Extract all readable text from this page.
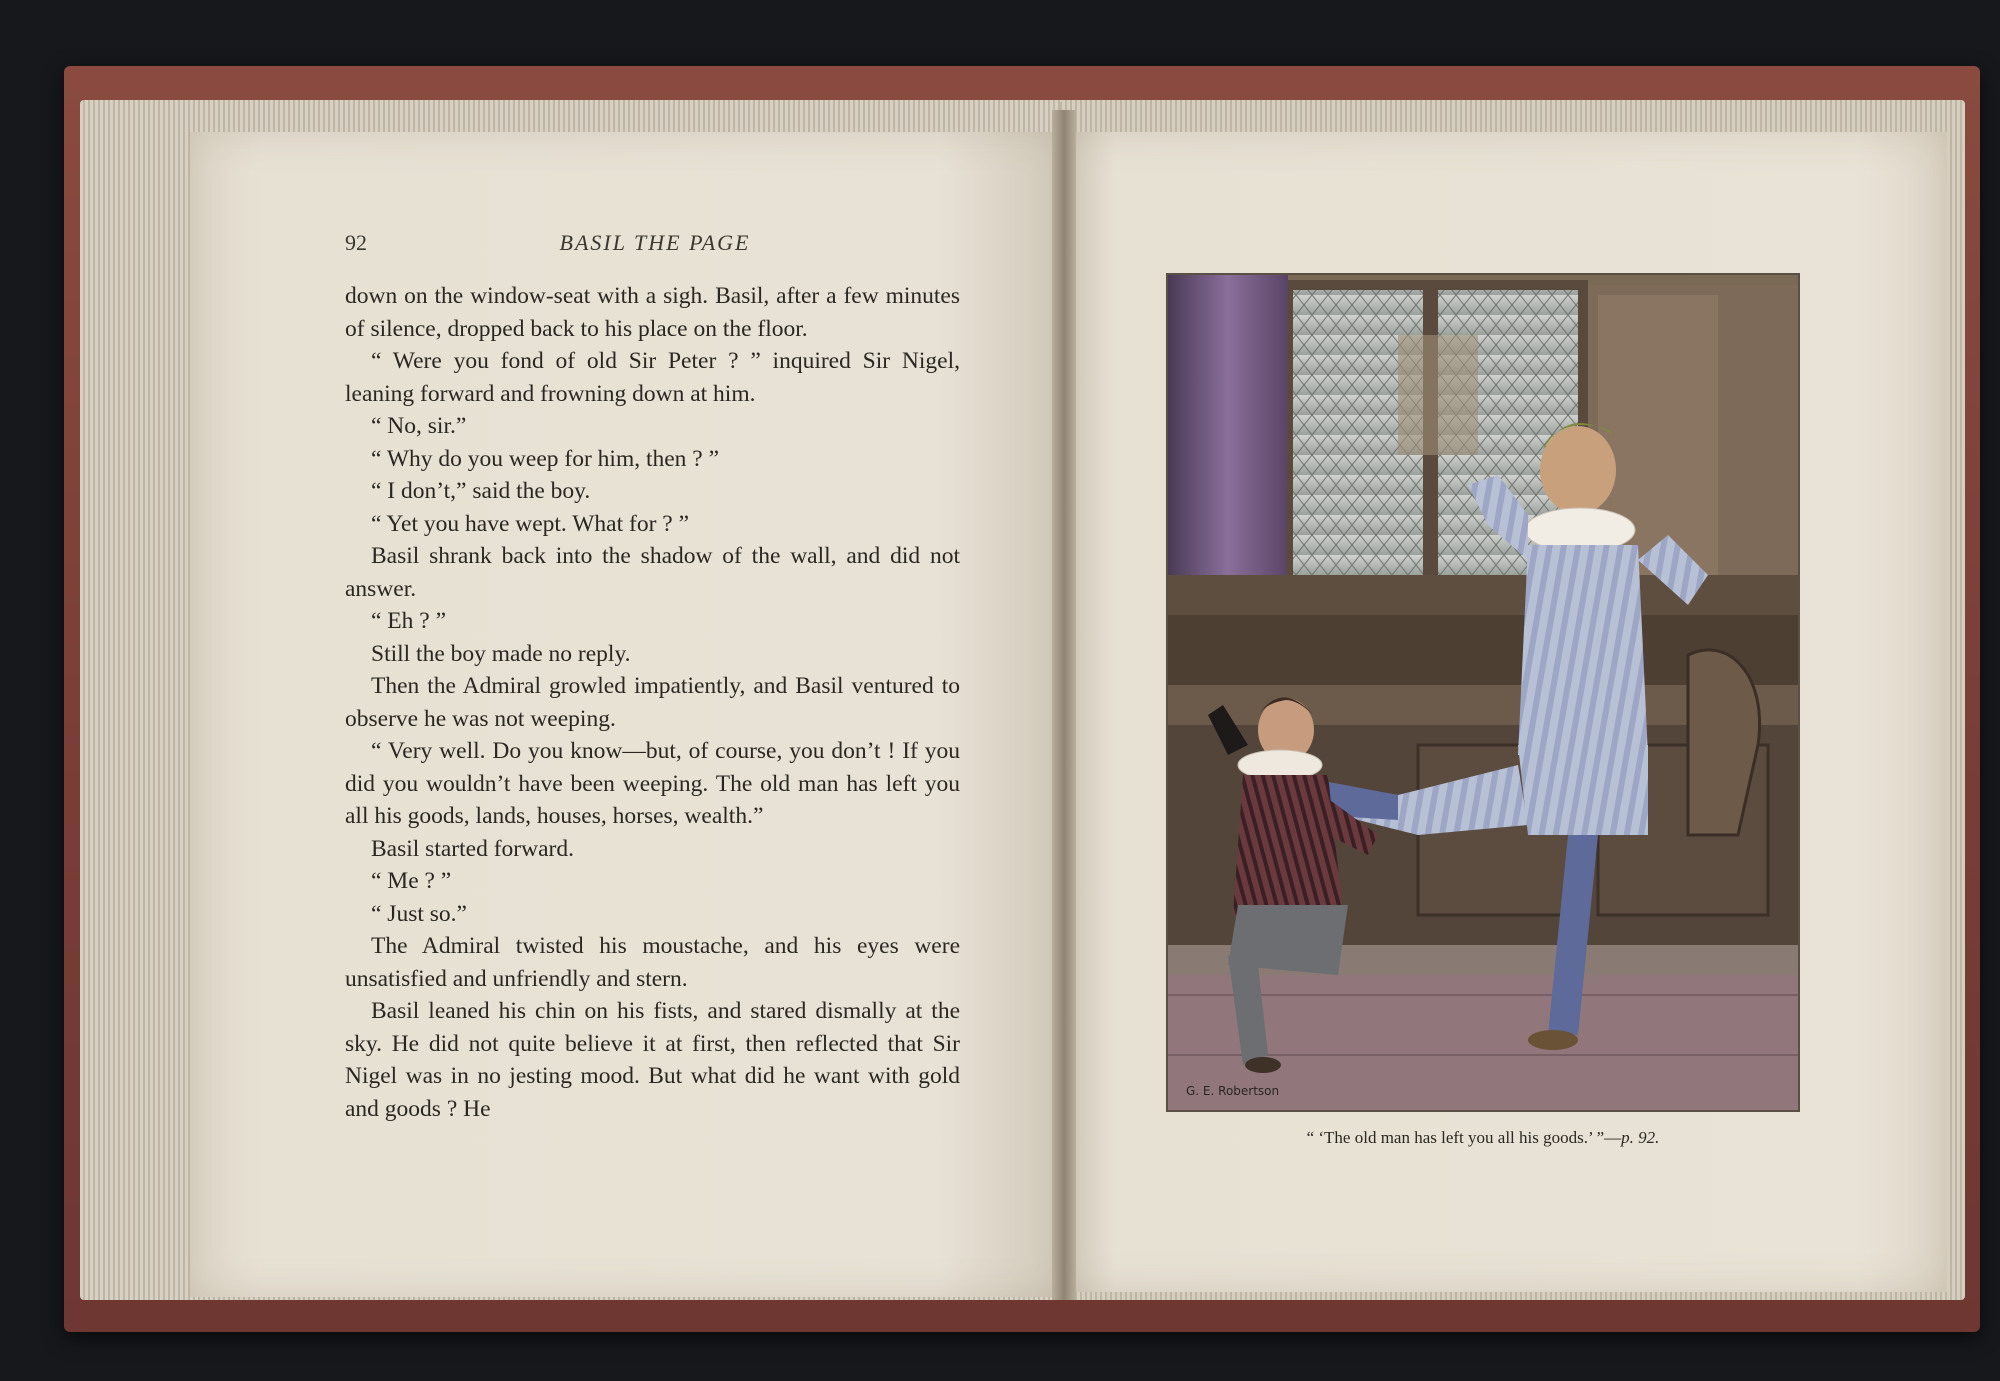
92	BASIL THE PAGE

down on the window-seat with a sigh. Basil, after a few minutes of silence, dropped back to his place on the floor.

“ Were you fond of old Sir Peter ? ” inquired Sir Nigel, leaning forward and frowning down at him.

“ No, sir.”

“ Why do you weep for him, then ? ”

“ I don’t,” said the boy.

“ Yet you have wept. What for ? ”

Basil shrank back into the shadow of the wall, and did not answer.

“ Eh ? ”

Still the boy made no reply.

Then the Admiral growled impatiently, and Basil ventured to observe he was not weeping.

“ Very well. Do you know—but, of course, you don’t ! If you did you wouldn’t have been weeping. The old man has left you all his goods, lands, houses, horses, wealth.”

Basil started forward.

“ Me ? ”

“ Just so.”

The Admiral twisted his moustache, and his eyes were unsatisfied and unfriendly and stern.

Basil leaned his chin on his fists, and stared dismally at the sky. He did not quite believe it at first, then reflected that Sir Nigel was in no jesting mood. But what did he want with gold and goods ? He

G. E. Robertson
“ ‘The old man has left you all his goods.’ ”—p. 92.
